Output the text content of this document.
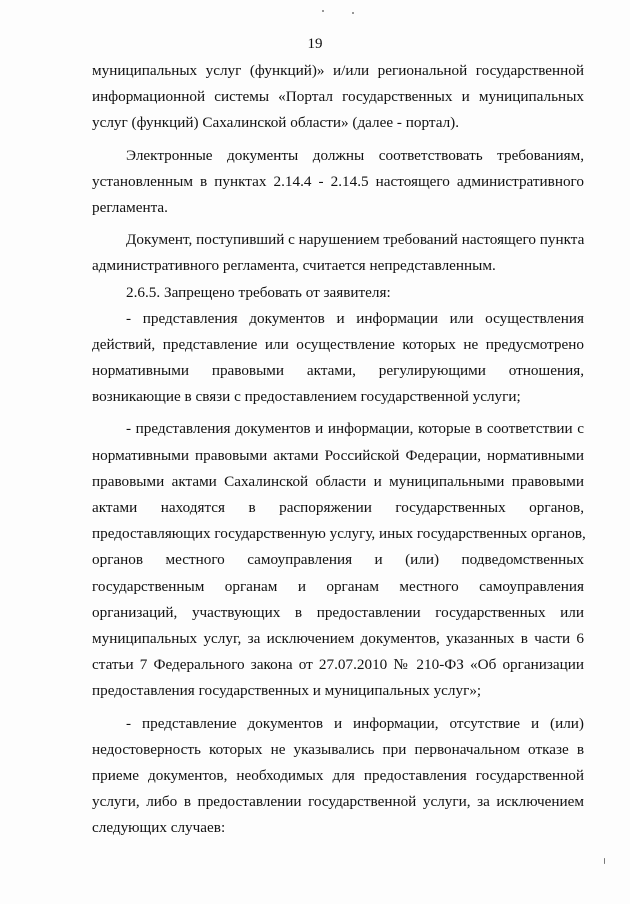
19
муниципальных услуг (функций)» и/или региональной государственной
информационной системы «Портал государственных и муниципальных
услуг (функций) Сахалинской области» (далее - портал).
Электронные документы должны соответствовать требованиям,
установленным в пунктах 2.14.4 - 2.14.5 настоящего административного
регламента.
Документ, поступивший с нарушением требований настоящего пункта
административного регламента, считается непредставленным.
2.6.5. Запрещено требовать от заявителя:
- представления документов и информации или осуществления
действий, представление или осуществление которых не предусмотрено
нормативными правовыми актами, регулирующими отношения,
возникающие в связи с предоставлением государственной услуги;
- представления документов и информации, которые в соответствии с
нормативными правовыми актами Российской Федерации, нормативными
правовыми актами Сахалинской области и муниципальными правовыми
актами находятся в распоряжении государственных органов,
предоставляющих государственную услугу, иных государственных органов,
органов местного самоуправления и (или) подведомственных
государственным органам и органам местного самоуправления
организаций, участвующих в предоставлении государственных или
муниципальных услуг, за исключением документов, указанных в части 6
статьи 7 Федерального закона от 27.07.2010 № 210-ФЗ «Об организации
предоставления государственных и муниципальных услуг»;
- представление документов и информации, отсутствие и (или)
недостоверность которых не указывались при первоначальном отказе в
приеме документов, необходимых для предоставления государственной
услуги, либо в предоставлении государственной услуги, за исключением
следующих случаев:
